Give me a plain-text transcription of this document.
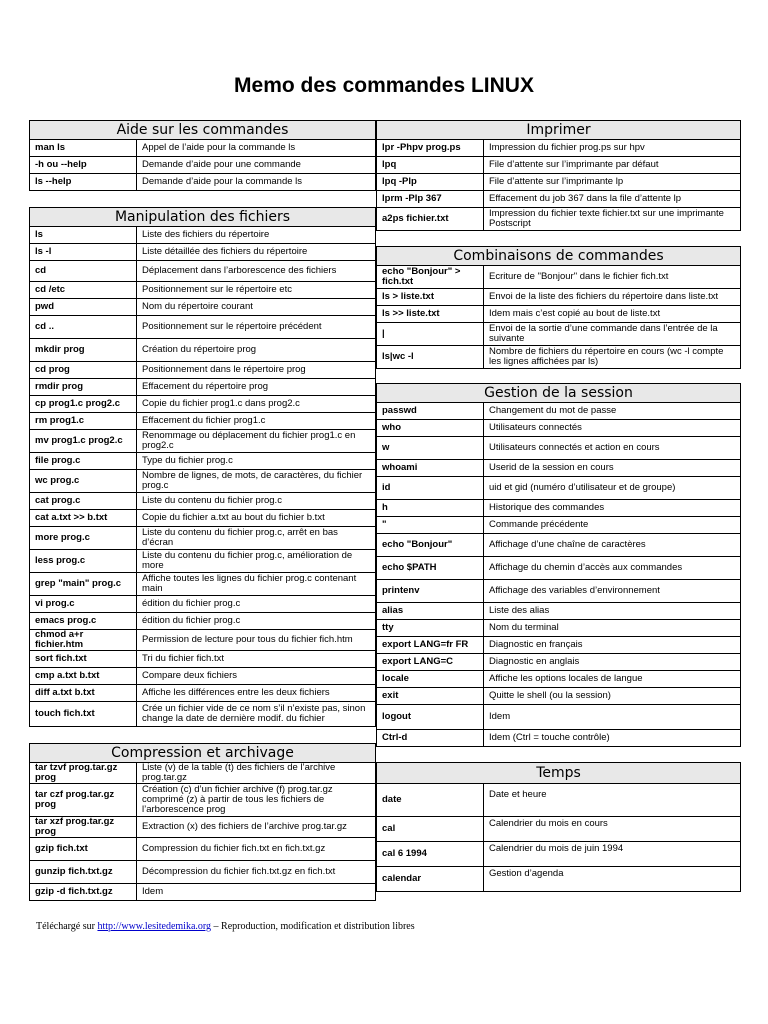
Memo des commandes LINUX
Aide sur les commandes	
man ls	Appel de l’aide pour la commande ls
-h ou --help	Demande d’aide pour une commande
ls --help	Demande d’aide pour la commande ls
Manipulation des fichiers	
ls	Liste des fichiers du répertoire
ls -l	Liste détaillée des fichiers du répertoire
cd	Déplacement dans l’arborescence des fichiers
cd /etc	Positionnement sur le répertoire etc
pwd	Nom du répertoire courant
cd ..	Positionnement sur le répertoire précédent
mkdir prog	Création du répertoire prog
cd prog	Positionnement dans le répertoire prog
rmdir prog	Effacement du répertoire prog
cp prog1.c prog2.c	Copie du fichier prog1.c dans prog2.c
rm prog1.c	Effacement du fichier prog1.c
mv prog1.c prog2.c	Renommage ou déplacement du fichier prog1.c en prog2.c
file prog.c	Type du fichier prog.c
wc prog.c	Nombre de lignes, de mots, de caractères, du fichier prog.c
cat prog.c	Liste du contenu du fichier prog.c
cat a.txt >> b.txt	Copie du fichier a.txt au bout du fichier b.txt
more prog.c	Liste du contenu du fichier prog.c, arrêt en bas d’écran
less prog.c	Liste du contenu du fichier prog.c, amélioration de more
grep "main" prog.c	Affiche toutes les lignes du fichier prog.c contenant main
vi prog.c	édition du fichier prog.c
emacs prog.c	édition du fichier prog.c
chmod a+r fichier.htm	Permission de lecture pour tous du fichier fich.htm
sort fich.txt	Tri du fichier fich.txt
cmp a.txt b.txt	Compare deux fichiers
diff a.txt b.txt	Affiche les différences entre les deux fichiers
touch fich.txt	Crée un fichier vide de ce nom s’il n’existe pas, sinon change la date de dernière modif. du fichier
Compression et archivage	
tar tzvf prog.tar.gz prog	Liste (v) de la table (t) des fichiers de l’archive prog.tar.gz
tar czf prog.tar.gz prog	Création (c) d’un fichier archive (f) prog.tar.gz comprimé (z) à partir de tous les fichiers de l’arborescence prog
tar xzf prog.tar.gz prog	Extraction (x) des fichiers de l’archive prog.tar.gz
gzip fich.txt	Compression du fichier fich.txt en fich.txt.gz
gunzip fich.txt.gz	Décompression du fichier fich.txt.gz en fich.txt
gzip -d fich.txt.gz	Idem
Imprimer	
lpr -Phpv prog.ps	Impression du fichier prog.ps sur hpv
lpq	File d’attente sur l’imprimante par défaut
lpq -Plp	File d’attente sur l’imprimante lp
lprm -Plp 367	Effacement du job 367 dans la file d’attente lp
a2ps fichier.txt	Impression du fichier texte fichier.txt sur une imprimante Postscript
Combinaisons de commandes	
echo "Bonjour" > fich.txt	Ecriture de "Bonjour" dans le fichier fich.txt
ls > liste.txt	Envoi de la liste des fichiers du répertoire dans liste.txt
ls >> liste.txt	Idem mais c’est copié au bout de liste.txt
|	Envoi de la sortie d’une commande dans l’entrée de la suivante
ls|wc -l	Nombre de fichiers du répertoire en cours (wc -l compte les lignes affichées par ls)
Gestion de la session	
passwd	Changement du mot de passe
who	Utilisateurs connectés
w	Utilisateurs connectés et action en cours
whoami	Userid de la session en cours
id	uid et gid (numéro d’utilisateur et de groupe)
h	Historique des commandes
"	Commande précédente
echo "Bonjour"	Affichage d’une chaîne de caractères
echo $PATH	Affichage du chemin d’accès aux commandes
printenv	Affichage des variables d’environnement
alias	Liste des alias
tty	Nom du terminal
export LANG=fr FR	Diagnostic en français
export LANG=C	Diagnostic en anglais
locale	Affiche les options locales de langue
exit	Quitte le shell (ou la session)
logout	Idem
Ctrl-d	Idem (Ctrl = touche contrôle)
Temps	
date	Date et heure
cal	Calendrier du mois en cours
cal 6 1994	Calendrier du mois de juin 1994
calendar	Gestion d’agenda
Téléchargé sur http://www.lesitedemika.org – Reproduction, modification et distribution libres
